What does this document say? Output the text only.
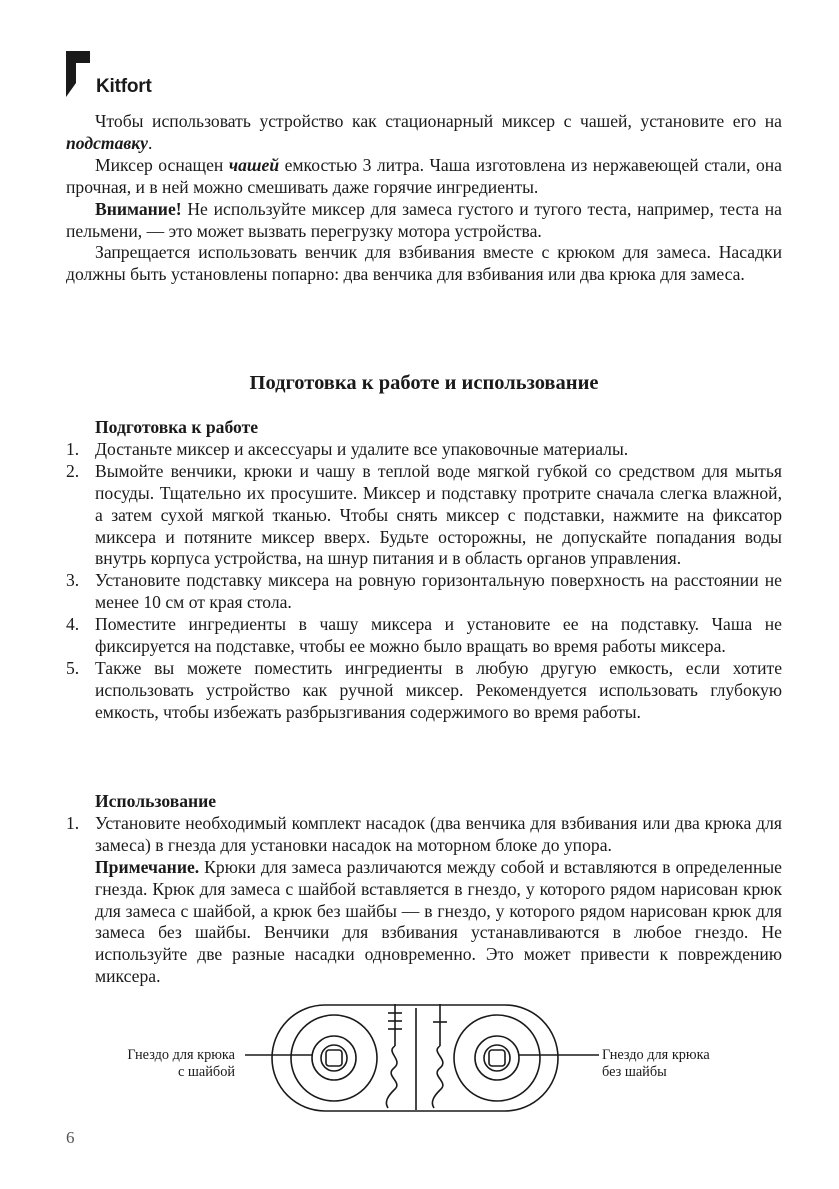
Kitfort

Чтобы использовать устройство как стационарный миксер с чашей, установите его на подставку.

Миксер оснащен чашей емкостью 3 литра. Чаша изготовлена из нержавеющей стали, она прочная, и в ней можно смешивать даже горячие ингредиенты.

Внимание! Не используйте миксер для замеса густого и тугого теста, например, теста на пельмени, — это может вызвать перегрузку мотора устройства.

Запрещается использовать венчик для взбивания вместе с крюком для замеса. Насадки должны быть установлены попарно: два венчика для взбивания или два крюка для замеса.

Подготовка к работе и использование
Подготовка к работе
1. Достаньте миксер и аксессуары и удалите все упаковочные материалы.
2. Вымойте венчики, крюки и чашу в теплой воде мягкой губкой со средством для мытья посуды. Тщательно их просушите. Миксер и подставку протрите сначала слегка влажной, а затем сухой мягкой тканью. Чтобы снять миксер с подставки, нажмите на фиксатор миксера и потяните миксер вверх. Будьте осторожны, не допускайте попадания воды внутрь корпуса устройства, на шнур питания и в область органов управления.
3. Установите подставку миксера на ровную горизонтальную поверхность на расстоянии не менее 10 см от края стола.
4. Поместите ингредиенты в чашу миксера и установите ее на подставку. Чаша не фиксируется на подставке, чтобы ее можно было вращать во время работы миксера.
5. Также вы можете поместить ингредиенты в любую другую емкость, если хотите использовать устройство как ручной миксер. Рекомендуется использовать глубокую емкость, чтобы избежать разбрызгивания содержимого во время работы.
Использование
1. Установите необходимый комплект насадок (два венчика для взбивания или два крюка для замеса) в гнезда для установки насадок на моторном блоке до упора.
Примечание. Крюки для замеса различаются между собой и вставляются в определенные гнезда. Крюк для замеса с шайбой вставляется в гнездо, у которого рядом нарисован крюк для замеса с шайбой, а крюк без шайбы — в гнездо, у которого рядом нарисован крюк для замеса без шайбы. Венчики для взбивания устанавливаются в любое гнездо. Не используйте две разные насадки одновременно. Это может привести к повреждению миксера.
Гнездо для крюка
с шайбой
Гнездо для крюка
без шайбы
6
